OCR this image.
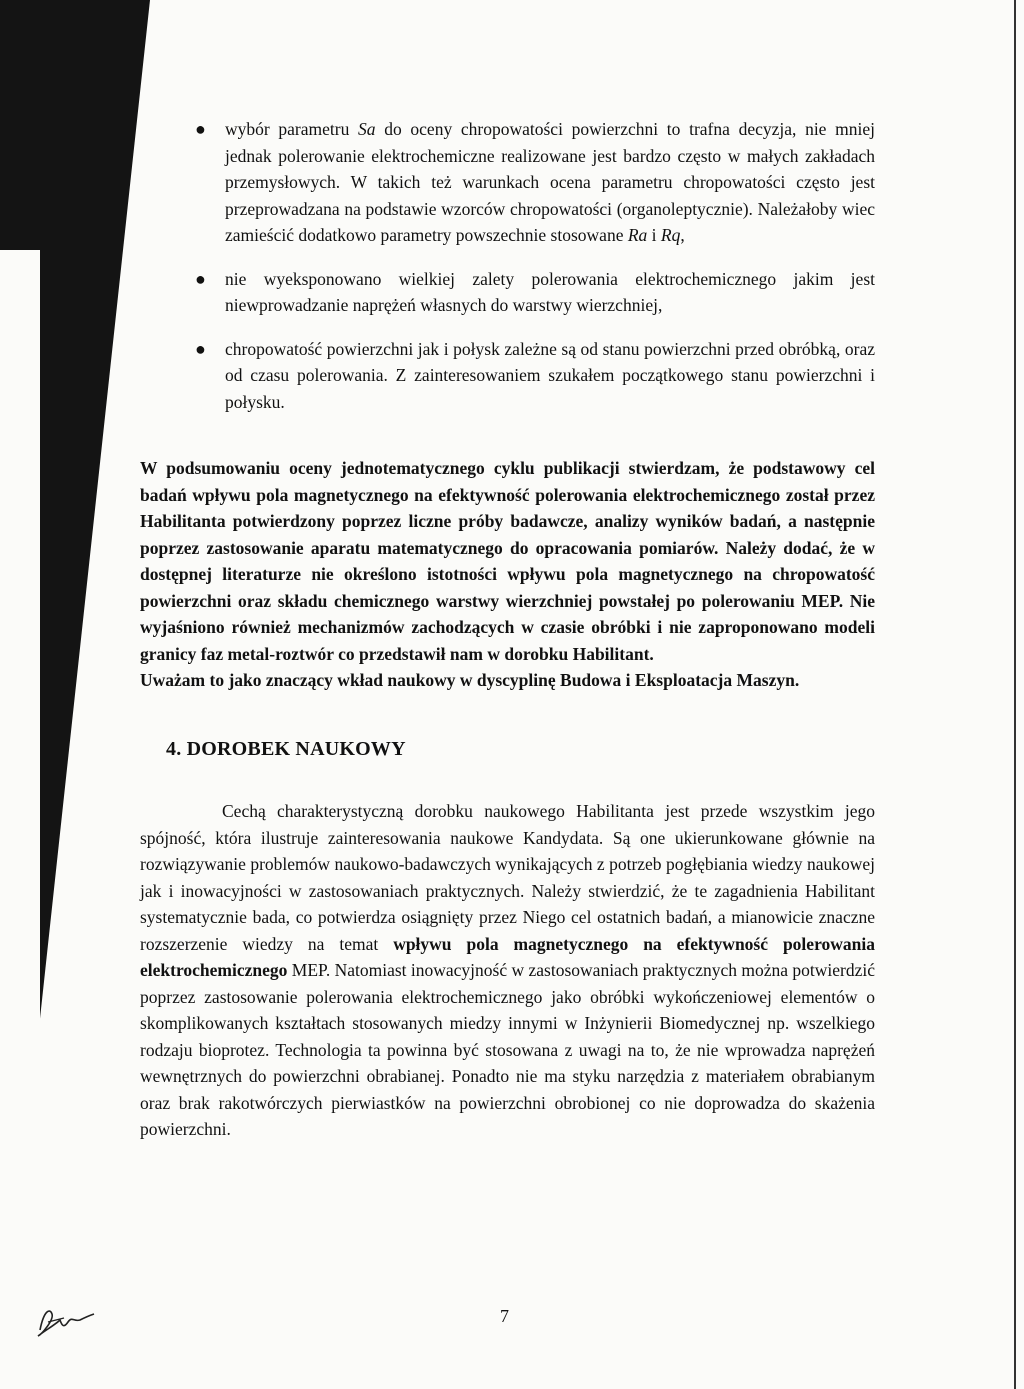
● wybór parametru Sa do oceny chropowatości powierzchni to trafna decyzja, nie mniej jednak polerowanie elektrochemiczne realizowane jest bardzo często w małych zakładach przemysłowych. W takich też warunkach ocena parametru chropowatości często jest przeprowadzana na podstawie wzorców chropowatości (organoleptycznie). Należałoby wiec zamieścić dodatkowo parametry powszechnie stosowane Ra i Rq,
● nie wyeksponowano wielkiej zalety polerowania elektrochemicznego jakim jest niewprowadzanie naprężeń własnych do warstwy wierzchniej,
● chropowatość powierzchni jak i połysk zależne są od stanu powierzchni przed obróbką, oraz od czasu polerowania. Z zainteresowaniem szukałem początkowego stanu powierzchni i połysku.
W podsumowaniu oceny jednotematycznego cyklu publikacji stwierdzam, że podstawowy cel badań wpływu pola magnetycznego na efektywność polerowania elektrochemicznego został przez Habilitanta potwierdzony poprzez liczne próby badawcze, analizy wyników badań, a następnie poprzez zastosowanie aparatu matematycznego do opracowania pomiarów. Należy dodać, że w dostępnej literaturze nie określono istotności wpływu pola magnetycznego na chropowatość powierzchni oraz składu chemicznego warstwy wierzchniej powstałej po polerowaniu MEP. Nie wyjaśniono również mechanizmów zachodzących w czasie obróbki i nie zaproponowano modeli granicy faz metal-roztwór co przedstawił nam w dorobku Habilitant.
Uważam to jako znaczący wkład naukowy w dyscyplinę Budowa i Eksploatacja Maszyn.
4. DOROBEK NAUKOWY
Cechą charakterystyczną dorobku naukowego Habilitanta jest przede wszystkim jego spójność, która ilustruje zainteresowania naukowe Kandydata. Są one ukierunkowane głównie na rozwiązywanie problemów naukowo-badawczych wynikających z potrzeb pogłębiania wiedzy naukowej jak i inowacyjności w zastosowaniach praktycznych. Należy stwierdzić, że te zagadnienia Habilitant systematycznie bada, co potwierdza osiągnięty przez Niego cel ostatnich badań, a mianowicie znaczne rozszerzenie wiedzy na temat wpływu pola magnetycznego na efektywność polerowania elektrochemicznego MEP. Natomiast inowacyjność w zastosowaniach praktycznych można potwierdzić poprzez zastosowanie polerowania elektrochemicznego jako obróbki wykończeniowej elementów o skomplikowanych kształtach stosowanych miedzy innymi w Inżynierii Biomedycznej np. wszelkiego rodzaju bioprotez. Technologia ta powinna być stosowana z uwagi na to, że nie wprowadza naprężeń wewnętrznych do powierzchni obrabianej. Ponadto nie ma styku narzędzia z materiałem obrabianym oraz brak rakotwórczych pierwiastków na powierzchni obrobionej co nie doprowadza do skażenia powierzchni.
7
